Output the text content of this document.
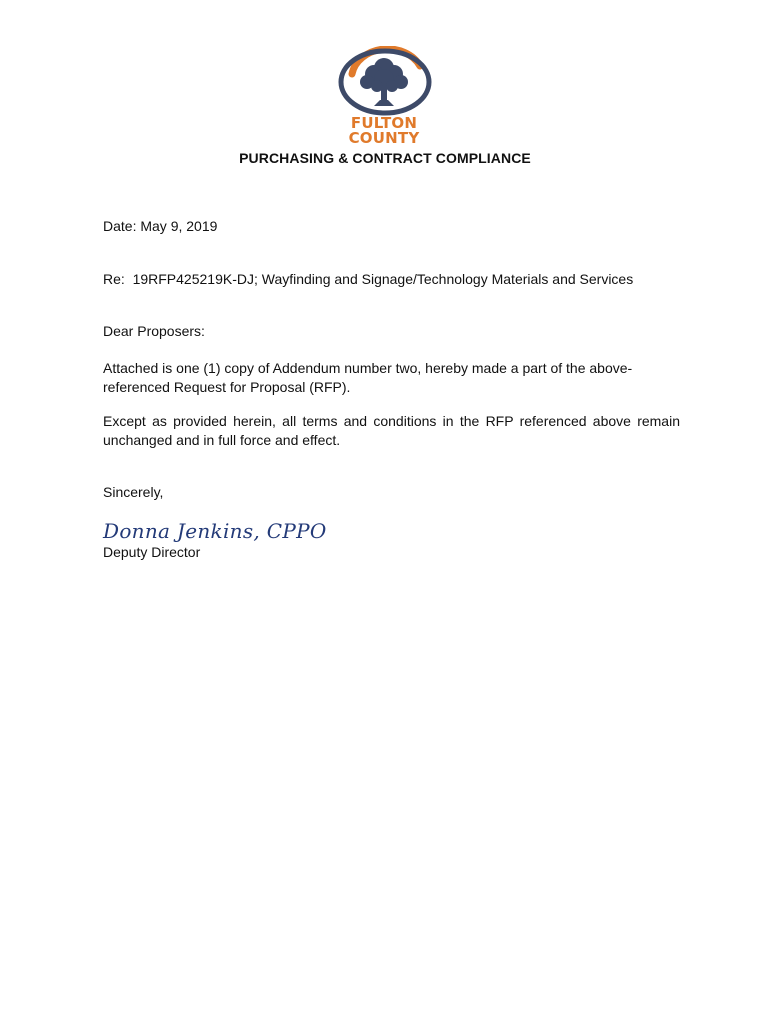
FULTON
COUNTY
PURCHASING & CONTRACT COMPLIANCE
Date: May 9, 2019
Re:  19RFP425219K-DJ; Wayfinding and Signage/Technology Materials and Services
Dear Proposers:
Attached is one (1) copy of Addendum number two, hereby made a part of the above-referenced Request for Proposal (RFP).
Except as provided herein, all terms and conditions in the RFP referenced above remain unchanged and in full force and effect.
Sincerely,
Donna Jenkins, CPPO
Deputy Director
